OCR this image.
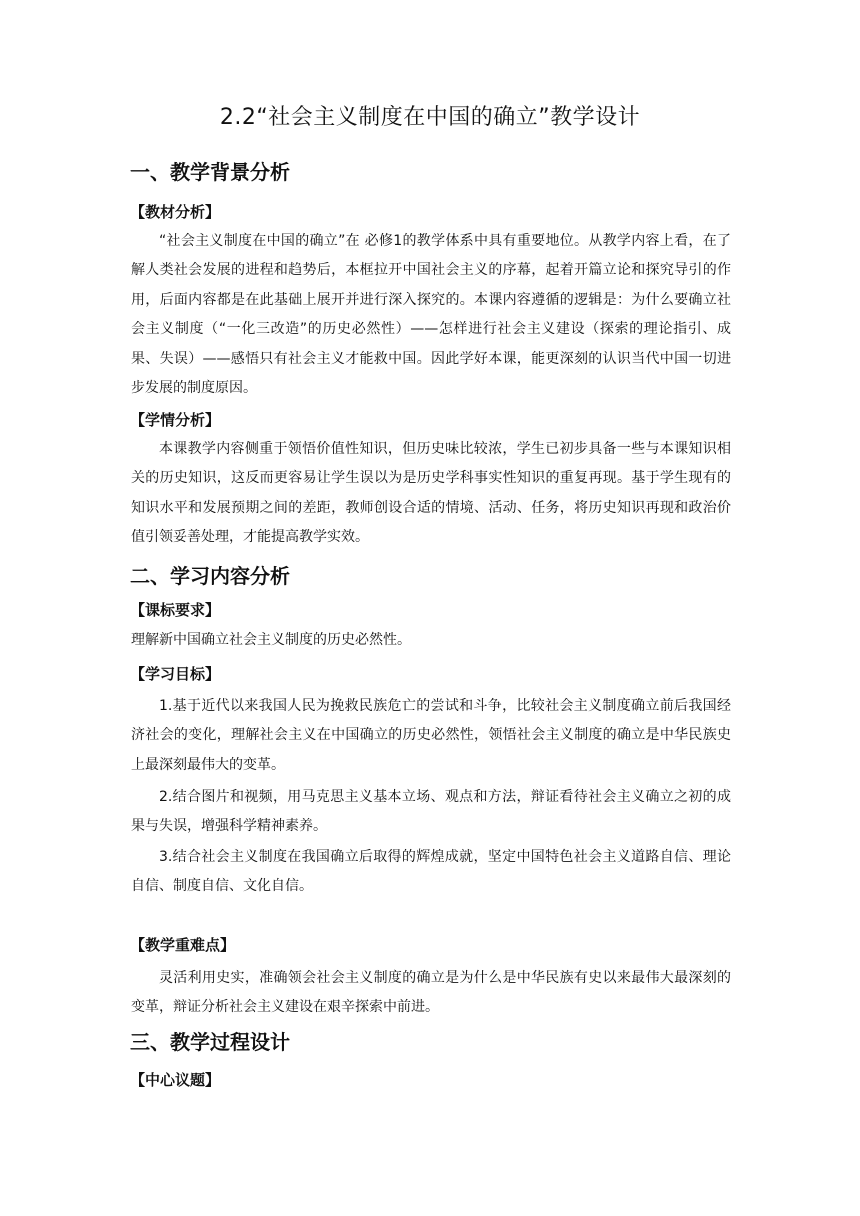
2.2“社会主义制度在中国的确立”教学设计
一、教学背景分析
【教材分析】
“社会主义制度在中国的确立”在 必修1的教学体系中具有重要地位。从教学内容上看，在了解人类社会发展的进程和趋势后，本框拉开中国社会主义的序幕，起着开篇立论和探究导引的作用，后面内容都是在此基础上展开并进行深入探究的。本课内容遵循的逻辑是：为什么要确立社会主义制度（“一化三改造”的历史必然性）——怎样进行社会主义建设（探索的理论指引、成果、失误）——感悟只有社会主义才能救中国。因此学好本课，能更深刻的认识当代中国一切进步发展的制度原因。
【学情分析】
本课教学内容侧重于领悟价值性知识，但历史味比较浓，学生已初步具备一些与本课知识相关的历史知识，这反而更容易让学生误以为是历史学科事实性知识的重复再现。基于学生现有的知识水平和发展预期之间的差距，教师创设合适的情境、活动、任务，将历史知识再现和政治价值引领妥善处理，才能提高教学实效。
二、学习内容分析
【课标要求】
理解新中国确立社会主义制度的历史必然性。
【学习目标】
1.基于近代以来我国人民为挽救民族危亡的尝试和斗争，比较社会主义制度确立前后我国经济社会的变化，理解社会主义在中国确立的历史必然性，领悟社会主义制度的确立是中华民族史上最深刻最伟大的变革。
2.结合图片和视频，用马克思主义基本立场、观点和方法，辩证看待社会主义确立之初的成果与失误，增强科学精神素养。
3.结合社会主义制度在我国确立后取得的辉煌成就，坚定中国特色社会主义道路自信、理论自信、制度自信、文化自信。
【教学重难点】
灵活利用史实，准确领会社会主义制度的确立是为什么是中华民族有史以来最伟大最深刻的变革，辩证分析社会主义建设在艰辛探索中前进。
三、教学过程设计
【中心议题】
